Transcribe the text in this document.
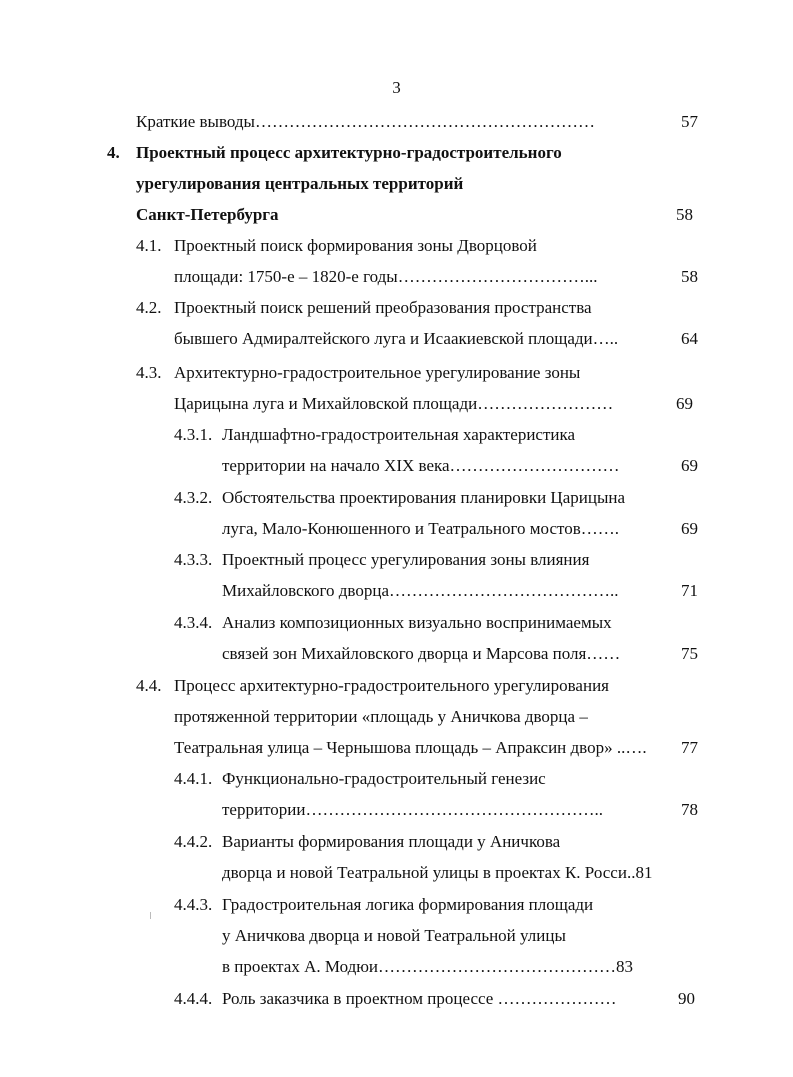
3
Краткие выводы……………………………………………………	57
4. Проектный процесс архитектурно-градостроительного
урегулирования центральных территорий
Санкт-Петербурга	58
4.1. Проектный поиск формирования зоны Дворцовой
площади: 1750-е – 1820-е годы……………………………...	58
4.2. Проектный поиск решений преобразования пространства
бывшего Адмиралтейского луга и Исаакиевской площади…..	64
4.3. Архитектурно-градостроительное урегулирование зоны
Царицына луга и Михайловской площади……………………	69
4.3.1. Ландшафтно-градостроительная характеристика
территории на начало XIX века…………………………	69
4.3.2. Обстоятельства проектирования планировки Царицына
луга, Мало-Конюшенного и Театрального мостов…….	69
4.3.3. Проектный процесс урегулирования зоны влияния
Михайловского дворца…………………………………..	71
4.3.4. Анализ композиционных визуально воспринимаемых
связей зон Михайловского дворца и Марсова поля……	75
4.4. Процесс архитектурно-градостроительного урегулирования
протяженной территории «площадь у Аничкова дворца –
Театральная улица – Чернышова площадь – Апраксин двор» ..….	77
4.4.1. Функционально-градостроительный генезис
территории……………………………………………..	78
4.4.2. Варианты формирования площади у Аничкова
дворца и новой Театральной улицы в проектах К. Росси..81
4.4.3. Градостроительная логика формирования площади
у Аничкова дворца и новой Театральной улицы
в проектах А. Модюи……………………………………83
4.4.4. Роль заказчика в проектном процессе …………………	90
